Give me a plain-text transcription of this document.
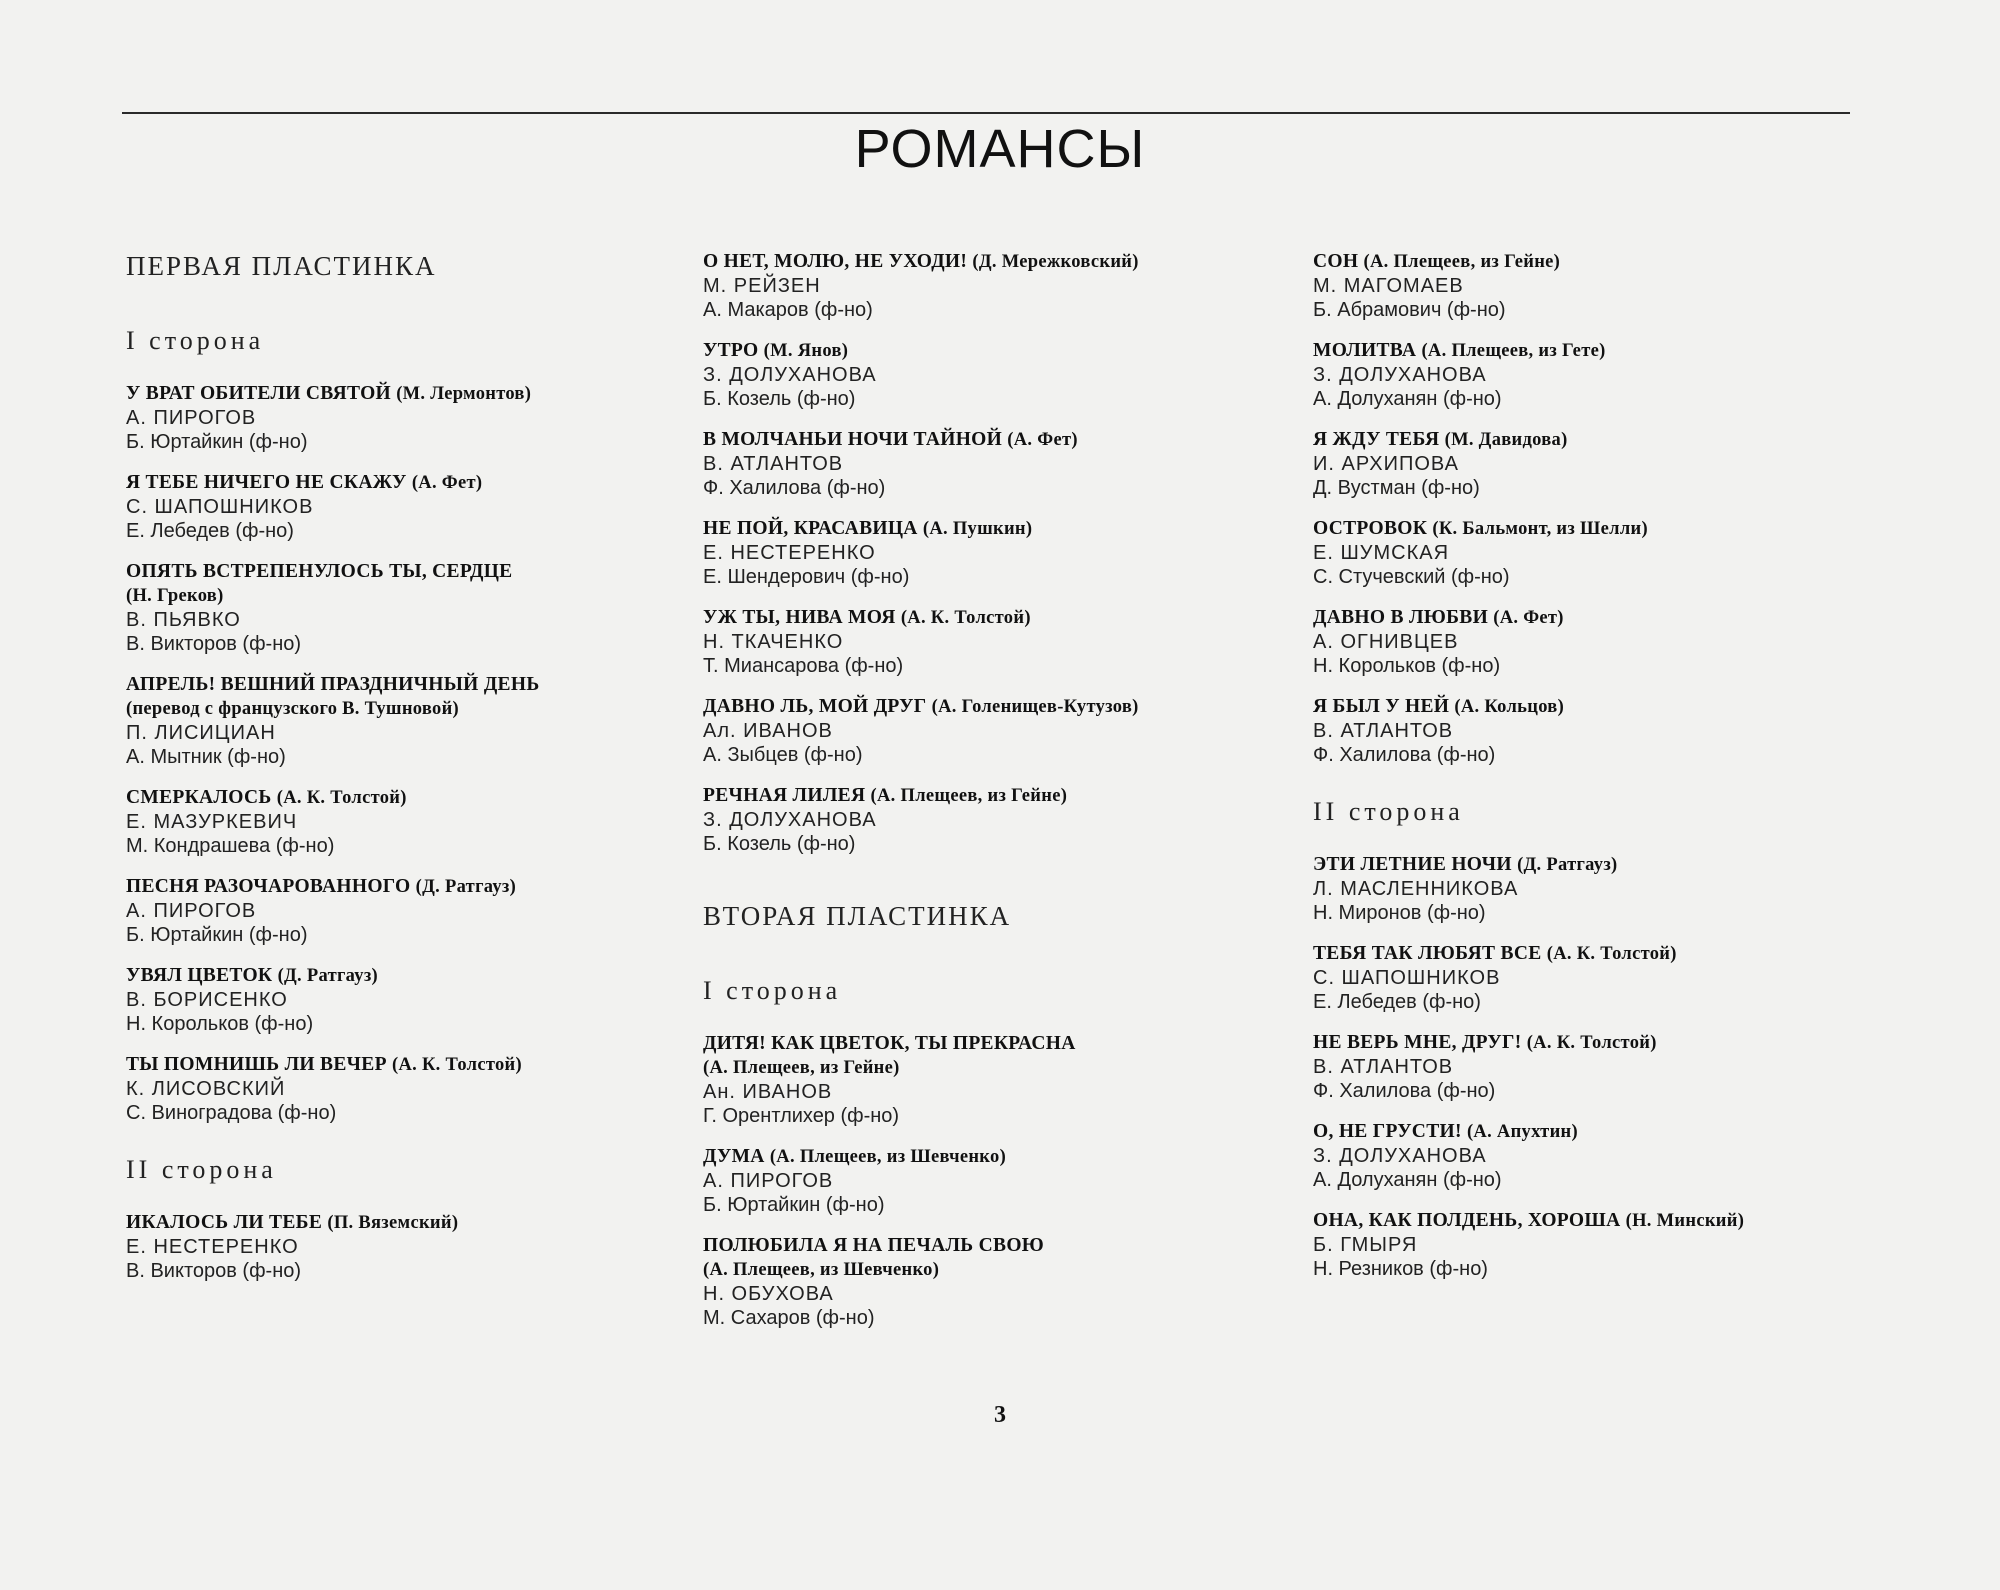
РОМАНСЫ
ПЕРВАЯ ПЛАСТИНКА
I сторона
У ВРАТ ОБИТЕЛИ СВЯТОЙ (М. Лермонтов)
А. ПИРОГОВ
Б. Юртайкин (ф-но)
Я ТЕБЕ НИЧЕГО НЕ СКАЖУ (А. Фет)
С. ШАПОШНИКОВ
Е. Лебедев (ф-но)
ОПЯТЬ ВСТРЕПЕНУЛОСЬ ТЫ, СЕРДЦЕ
(Н. Греков)
В. ПЬЯВКО
В. Викторов (ф-но)
АПРЕЛЬ! ВЕШНИЙ ПРАЗДНИЧНЫЙ ДЕНЬ
(перевод с французского В. Тушновой)
П. ЛИСИЦИАН
А. Мытник (ф-но)
СМЕРКАЛОСЬ (А. К. Толстой)
Е. МАЗУРКЕВИЧ
М. Кондрашева (ф-но)
ПЕСНЯ РАЗОЧАРОВАННОГО (Д. Ратгауз)
А. ПИРОГОВ
Б. Юртайкин (ф-но)
УВЯЛ ЦВЕТОК (Д. Ратгауз)
В. БОРИСЕНКО
Н. Корольков (ф-но)
ТЫ ПОМНИШЬ ЛИ ВЕЧЕР (А. К. Толстой)
К. ЛИСОВСКИЙ
С. Виноградова (ф-но)
II сторона
ИКАЛОСЬ ЛИ ТЕБЕ (П. Вяземский)
Е. НЕСТЕРЕНКО
В. Викторов (ф-но)
О НЕТ, МОЛЮ, НЕ УХОДИ! (Д. Мережковский)
М. РЕЙЗЕН
А. Макаров (ф-но)
УТРО (М. Янов)
З. ДОЛУХАНОВА
Б. Козель (ф-но)
В МОЛЧАНЬИ НОЧИ ТАЙНОЙ (А. Фет)
В. АТЛАНТОВ
Ф. Халилова (ф-но)
НЕ ПОЙ, КРАСАВИЦА (А. Пушкин)
Е. НЕСТЕРЕНКО
Е. Шендерович (ф-но)
УЖ ТЫ, НИВА МОЯ (А. К. Толстой)
Н. ТКАЧЕНКО
Т. Миансарова (ф-но)
ДАВНО ЛЬ, МОЙ ДРУГ (А. Голенищев-Кутузов)
Ал. ИВАНОВ
А. Зыбцев (ф-но)
РЕЧНАЯ ЛИЛЕЯ (А. Плещеев, из Гейне)
З. ДОЛУХАНОВА
Б. Козель (ф-но)
ВТОРАЯ ПЛАСТИНКА
I сторона
ДИТЯ! КАК ЦВЕТОК, ТЫ ПРЕКРАСНА
(А. Плещеев, из Гейне)
Ан. ИВАНОВ
Г. Орентлихер (ф-но)
ДУМА (А. Плещеев, из Шевченко)
А. ПИРОГОВ
Б. Юртайкин (ф-но)
ПОЛЮБИЛА Я НА ПЕЧАЛЬ СВОЮ
(А. Плещеев, из Шевченко)
Н. ОБУХОВА
М. Сахаров (ф-но)
СОН (А. Плещеев, из Гейне)
М. МАГОМАЕВ
Б. Абрамович (ф-но)
МОЛИТВА (А. Плещеев, из Гете)
З. ДОЛУХАНОВА
А. Долуханян (ф-но)
Я ЖДУ ТЕБЯ (М. Давидова)
И. АРХИПОВА
Д. Вустман (ф-но)
ОСТРОВОК (К. Бальмонт, из Шелли)
Е. ШУМСКАЯ
С. Стучевский (ф-но)
ДАВНО В ЛЮБВИ (А. Фет)
А. ОГНИВЦЕВ
Н. Корольков (ф-но)
Я БЫЛ У НЕЙ (А. Кольцов)
В. АТЛАНТОВ
Ф. Халилова (ф-но)
II сторона
ЭТИ ЛЕТНИЕ НОЧИ (Д. Ратгауз)
Л. МАСЛЕННИКОВА
Н. Миронов (ф-но)
ТЕБЯ ТАК ЛЮБЯТ ВСЕ (А. К. Толстой)
С. ШАПОШНИКОВ
Е. Лебедев (ф-но)
НЕ ВЕРЬ МНЕ, ДРУГ! (А. К. Толстой)
В. АТЛАНТОВ
Ф. Халилова (ф-но)
О, НЕ ГРУСТИ! (А. Апухтин)
З. ДОЛУХАНОВА
А. Долуханян (ф-но)
ОНА, КАК ПОЛДЕНЬ, ХОРОША (Н. Минский)
Б. ГМЫРЯ
Н. Резников (ф-но)
3
